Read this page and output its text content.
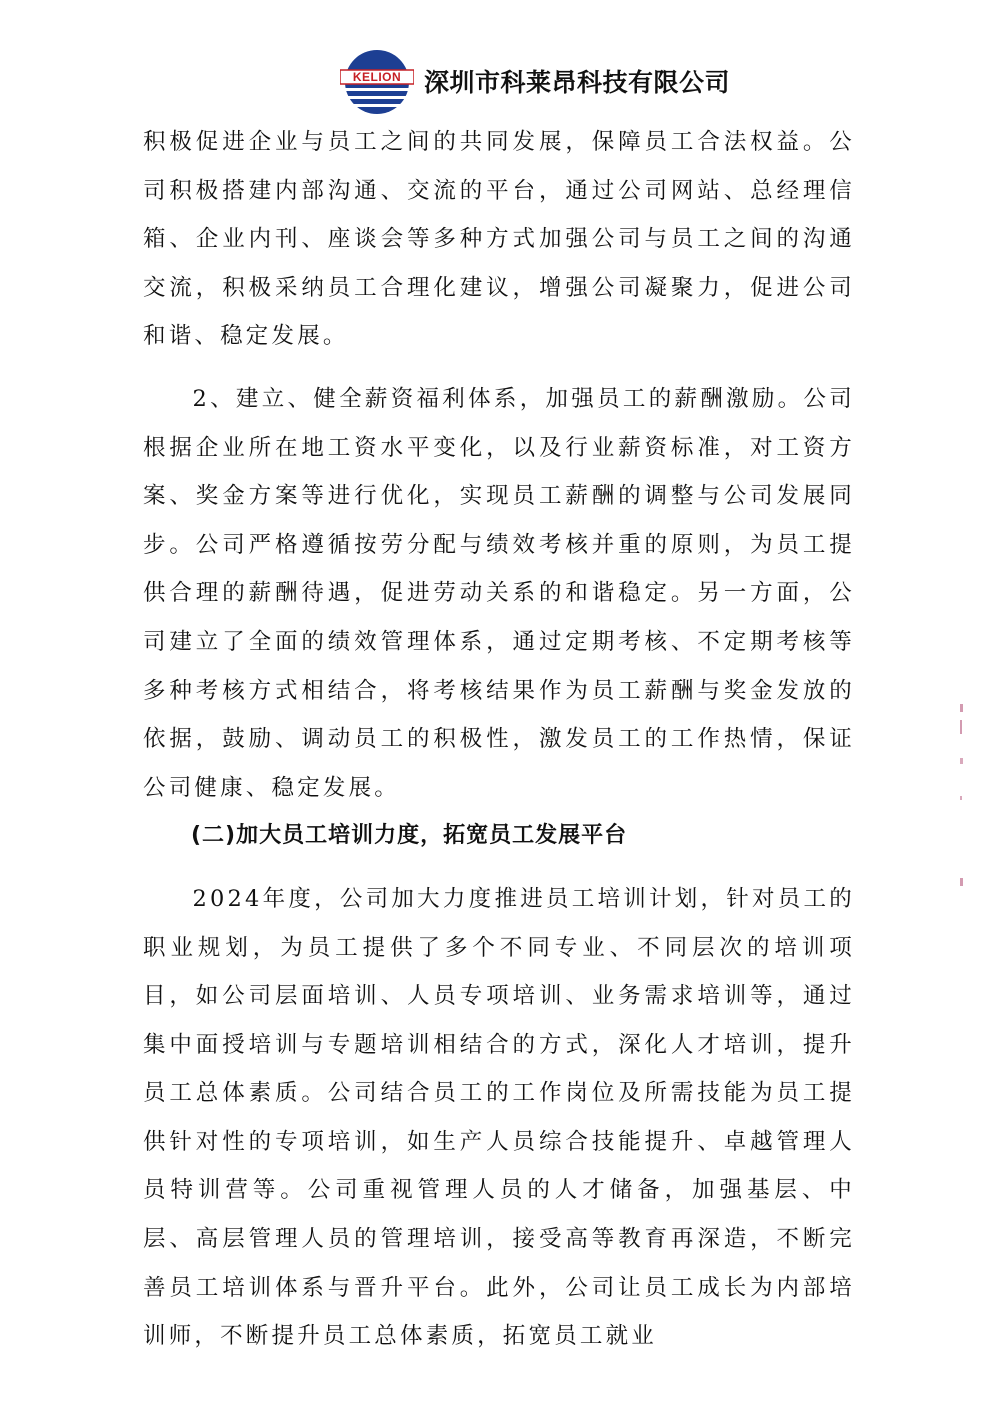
KELION 深圳市科莱昂科技有限公司

积极促进企业与员工之间的共同发展，保障员工合法权益。公司积极搭建内部沟通、交流的平台，通过公司网站、总经理信箱、企业内刊、座谈会等多种方式加强公司与员工之间的沟通交流，积极采纳员工合理化建议，增强公司凝聚力，促进公司和谐、稳定发展。

2、建立、健全薪资福利体系，加强员工的薪酬激励。公司根据企业所在地工资水平变化，以及行业薪资标准，对工资方案、奖金方案等进行优化，实现员工薪酬的调整与公司发展同步。公司严格遵循按劳分配与绩效考核并重的原则，为员工提供合理的薪酬待遇，促进劳动关系的和谐稳定。另一方面，公司建立了全面的绩效管理体系，通过定期考核、不定期考核等多种考核方式相结合，将考核结果作为员工薪酬与奖金发放的依据，鼓励、调动员工的积极性，激发员工的工作热情，保证公司健康、稳定发展。

(二)加大员工培训力度，拓宽员工发展平台

2024年度，公司加大力度推进员工培训计划，针对员工的职业规划，为员工提供了多个不同专业、不同层次的培训项目，如公司层面培训、人员专项培训、业务需求培训等，通过集中面授培训与专题培训相结合的方式，深化人才培训，提升员工总体素质。公司结合员工的工作岗位及所需技能为员工提供针对性的专项培训，如生产人员综合技能提升、卓越管理人员特训营等。公司重视管理人员的人才储备，加强基层、中层、高层管理人员的管理培训，接受高等教育再深造，不断完善员工培训体系与晋升平台。此外，公司让员工成长为内部培训师，不断提升员工总体素质，拓宽员工就业
